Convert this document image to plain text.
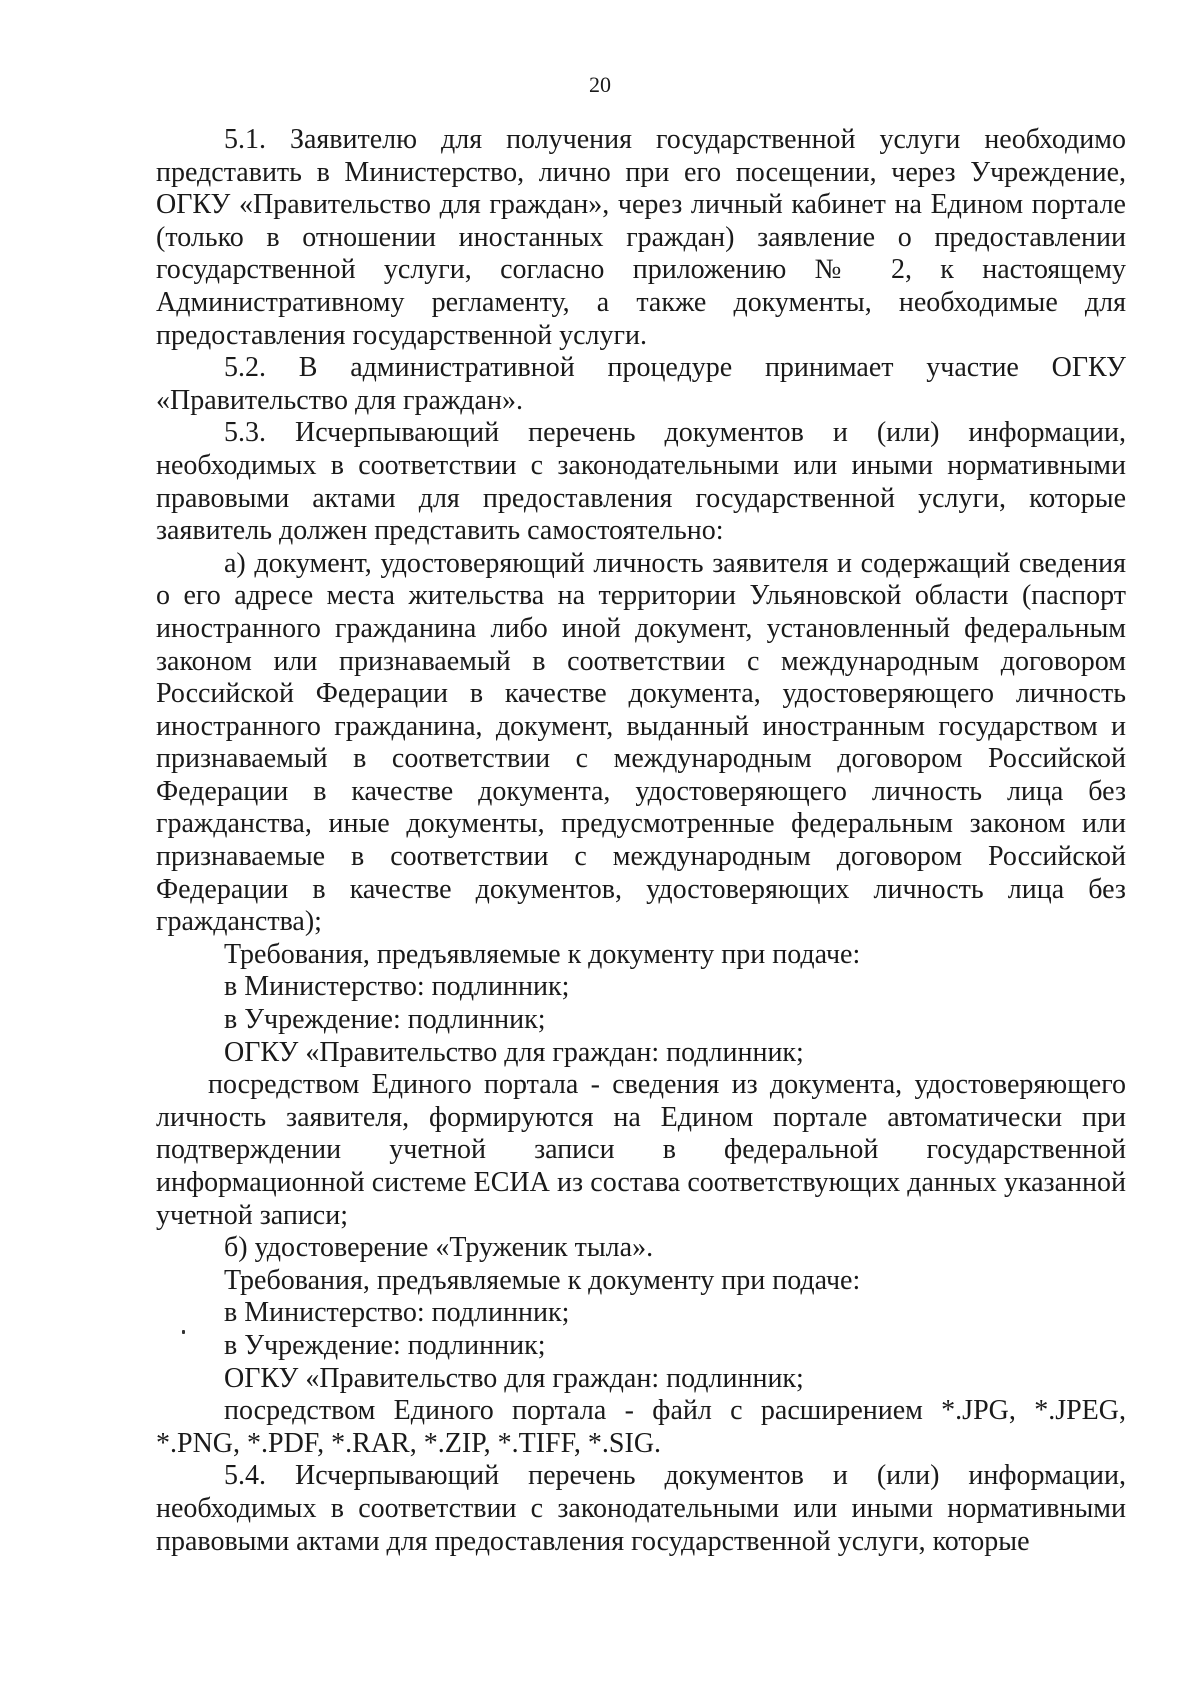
20

5.1. Заявителю для получения государственной услуги необходимо представить в Министерство, лично при его посещении, через Учреждение, ОГКУ «Правительство для граждан», через личный кабинет на Едином портале (только в отношении иностанных граждан) заявление о предоставлении государственной услуги, согласно приложению № 2, к настоящему Административному регламенту, а также документы, необходимые для предоставления государственной услуги.

5.2. В административной процедуре принимает участие ОГКУ «Правительство для граждан».

5.3. Исчерпывающий перечень документов и (или) информации, необходимых в соответствии с законодательными или иными нормативными правовыми актами для предоставления государственной услуги, которые заявитель должен представить самостоятельно:

а) документ, удостоверяющий личность заявителя и содержащий сведения о его адресе места жительства на территории Ульяновской области (паспорт иностранного гражданина либо иной документ, установленный федеральным законом или признаваемый в соответствии с международным договором Российской Федерации в качестве документа, удостоверяющего личность иностранного гражданина, документ, выданный иностранным государством и признаваемый в соответствии с международным договором Российской Федерации в качестве документа, удостоверяющего личность лица без гражданства, иные документы, предусмотренные федеральным законом или признаваемые в соответствии с международным договором Российской Федерации в качестве документов, удостоверяющих личность лица без гражданства);

Требования, предъявляемые к документу при подаче:

в Министерство: подлинник;

в Учреждение: подлинник;

ОГКУ «Правительство для граждан: подлинник;

посредством Единого портала - сведения из документа, удостоверяющего личность заявителя, формируются на Едином портале автоматически при подтверждении учетной записи в федеральной государственной информационной системе ЕСИА из состава соответствующих данных указанной учетной записи;

б) удостоверение «Труженик тыла».

Требования, предъявляемые к документу при подаче:

в Министерство: подлинник;

в Учреждение: подлинник;

ОГКУ «Правительство для граждан: подлинник;

посредством Единого портала - файл с расширением *.JPG, *.JPEG, *.PNG, *.PDF, *.RAR, *.ZIP, *.TIFF, *.SIG.

5.4. Исчерпывающий перечень документов и (или) информации, необходимых в соответствии с законодательными или иными нормативными правовыми актами для предоставления государственной услуги, которые
